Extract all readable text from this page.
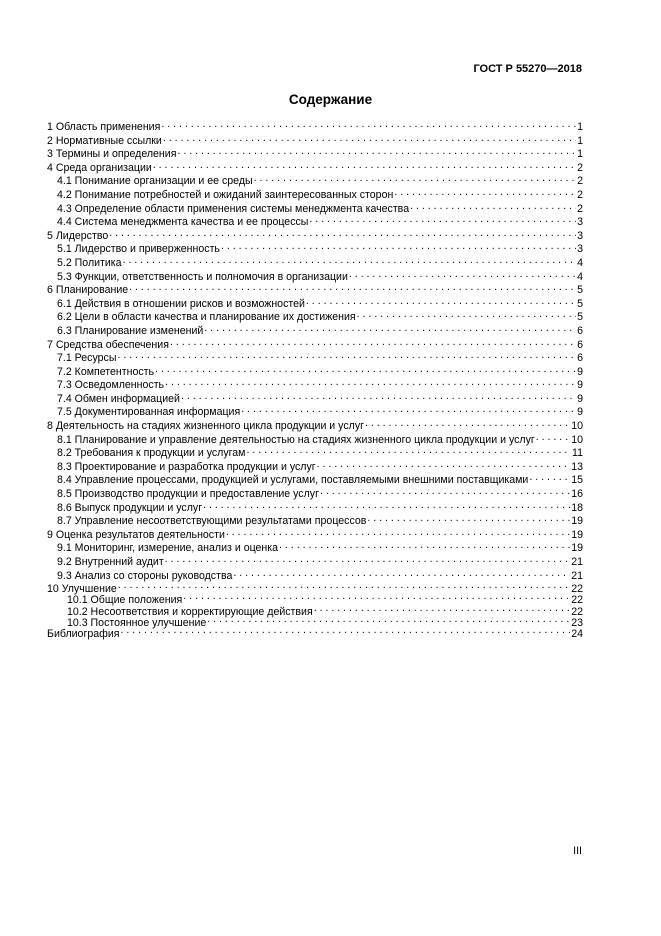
ГОСТ Р 55270—2018
Содержание
1 Область применения . . .	1
2 Нормативные ссылки . . .	1
3 Термины и определения . . .	1
4 Среда организации . . .	2
4.1 Понимание организации и ее среды . . .	2
4.2 Понимание потребностей и ожиданий заинтересованных сторон . . .	2
4.3 Определение области применения системы менеджмента качества . . .	2
4.4 Система менеджмента качества и ее процессы . . .	3
5 Лидерство . . .	3
5.1 Лидерство и приверженность . . .	3
5.2 Политика . . .	4
5.3 Функции, ответственность и полномочия в организации . . .	4
6 Планирование . . .	5
6.1 Действия в отношении рисков и возможностей . . .	5
6.2 Цели в области качества и планирование их достижения . . .	5
6.3 Планирование изменений . . .	6
7 Средства обеспечения . . .	6
7.1 Ресурсы . . .	6
7.2 Компетентность . . .	9
7.3 Осведомленность . . .	9
7.4 Обмен информацией . . .	9
7.5 Документированная информация . . .	9
8 Деятельность на стадиях жизненного цикла продукции и услуг . . .	10
8.1 Планирование и управление деятельностью на стадиях жизненного цикла продукции и услуг . . .	10
8.2 Требования к продукции и услугам . . .	11
8.3 Проектирование и разработка продукции и услуг . . .	13
8.4 Управление процессами, продукцией и услугами, поставляемыми внешними поставщиками . . .	15
8.5 Производство продукции и предоставление услуг . . .	16
8.6 Выпуск продукции и услуг . . .	18
8.7 Управление несоответствующими результатами процессов . . .	19
9 Оценка результатов деятельности . . .	19
9.1 Мониторинг, измерение, анализ и оценка . . .	19
9.2 Внутренний аудит . . .	21
9.3 Анализ со стороны руководства . . .	21
10 Улучшение . . .	22
10.1 Общие положения . . .	22
10.2 Несоответствия и корректирующие действия . . .	22
10.3 Постоянное улучшение . . .	23
Библиография . . .	24
III
